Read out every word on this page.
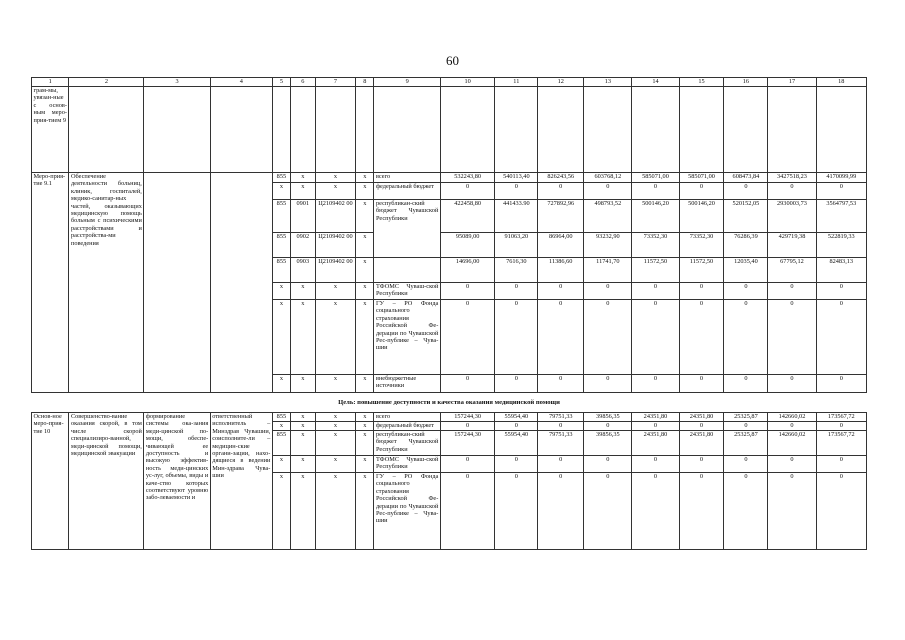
60
1	2	3	4	5	6	7	8	9	10	11	12	13	14	15	16	17	18
грам-мы, увязан-ные с основ-ным меро-прия-тием 9																	
Меро-прия-тие 9.1	Обеспечение деятельности больниц, клиник, госпиталей, медико-санитар-ных частей, оказывающих медицинскую помощь больным с психическими расстройствами и расстройства-ми поведения			855	x	x	x	всего	532243,80	540113,40	826243,56	603768,12	585071,00	585071,00	608473,84	3427518,23	4170099,99
				x	x	x	x	федеральный бюджет	0	0	0	0	0	0	0	0	0
				855	0901	Ц2109402 00	x	республикан-ский бюджет Чувашской Республики	422458,80	441433.90	727892,96	498793,52	500146,20	500146,20	520152,05	2930003,73	3564797,53
				855	0902	Ц2109402 00	x		95089,00	91063,20	86964,00	93232,90	73352,30	73352,30	76286,39	429719,38	522819,33
				855	0903	Ц2109402 00	x		14696,00	7616,30	11386,60	11741,70	11572,50	11572,50	12035,40	67795,12	82483,13
				x	x	x	x	ТФОМС Чуваш-ской Республики	0	0	0	0	0	0	0	0	0
				x	x	x	x	ГУ – РО Фонда социального страхования Российской Фе-дерации по Чувашской Рес-публике – Чува-шии	0	0	0	0	0	0	0	0	0
				x	x	x	x	внебюджетные источники	0	0	0	0	0	0	0	0	0
Цель: повышение доступности и качества оказания медицинской помощи																	
Основ-ное меро-прия-тие 10	Совершенство-вание оказания скорой, в том числе скорой специализиро-ванной, меди-цинской помощи, медицинской эвакуации	формирование системы ока-зания меди-цинской по-мощи, обеспе-чивающей ее доступность и высокую эффектив-ность меди-цинских ус-луг, объемы, виды и каче-ство которых соответствуют уровню забо-леваемости и	ответственный исполнитель – Минздрав Чувашии, соисполните-ли – медицин-ские органи-зации, нахо-дящиеся в ведении Мин-здрава Чува-шии	855	x	x	x	всего	157244,30	55954,40	79751,33	39856,35	24351,80	24351,80	25325,87	142660,02	173567,72
				x	x	x	x	федеральный бюджет	0	0	0	0	0	0	0	0	0
				855	x	x	x	республикан-ский бюджет Чувашской Республики	157244,30	55954,40	79751,33	39856,35	24351,80	24351,80	25325,87	142660,02	173567,72
				x	x	x	x	ТФОМС Чуваш-ской Республики	0	0	0	0	0	0	0	0	0
				x	x	x	x	ГУ – РО Фонда социального страхования Российской Фе-дерации по Чувашской Рес-публике – Чува-шии	0	0	0	0	0	0	0	0	0
